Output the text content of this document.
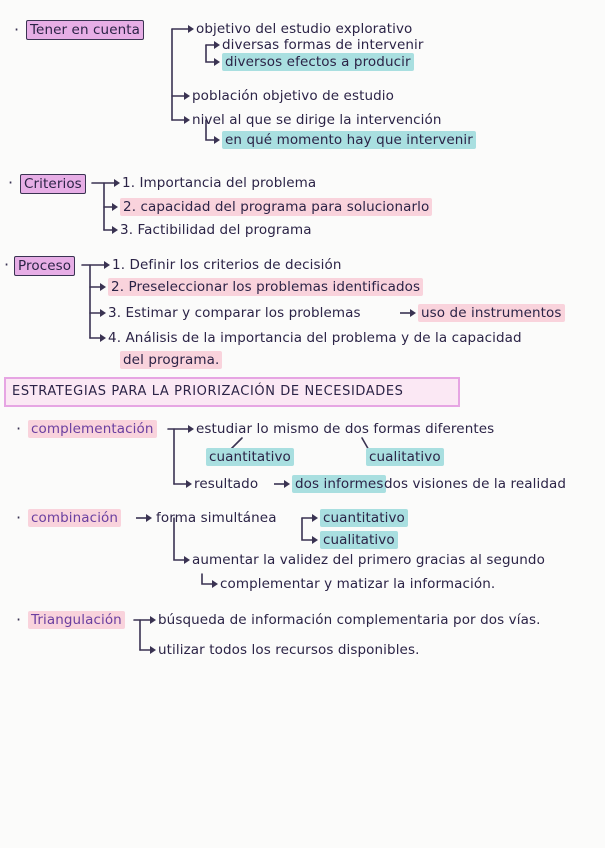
· Tener en cuenta	objetivo del estudio explorativo
diversas formas de intervenir
diversos efectos a producir
población objetivo de estudio
nivel al que se dirige la intervención
en qué momento hay que intervenir
· Criterios	1. Importancia del problema
2. capacidad del programa para solucionarlo
3. Factibilidad del programa
· Proceso	1. Definir los criterios de decisión
2. Preseleccionar los problemas identificados
3. Estimar y comparar los problemas	uso de instrumentos
4. Análisis de la importancia del problema y de la capacidad
del programa.
ESTRATEGIAS PARA LA PRIORIZACIÓN DE NECESIDADES
· complementación	estudiar lo mismo de dos formas diferentes
cuantitativo	cualitativo
resultado	dos informes dos visiones de la realidad
· combinación	forma simultánea	cuantitativo
cualitativo
aumentar la validez del primero gracias al segundo
complementar y matizar la información.
· Triangulación	búsqueda de información complementaria por dos vías.
utilizar todos los recursos disponibles.
